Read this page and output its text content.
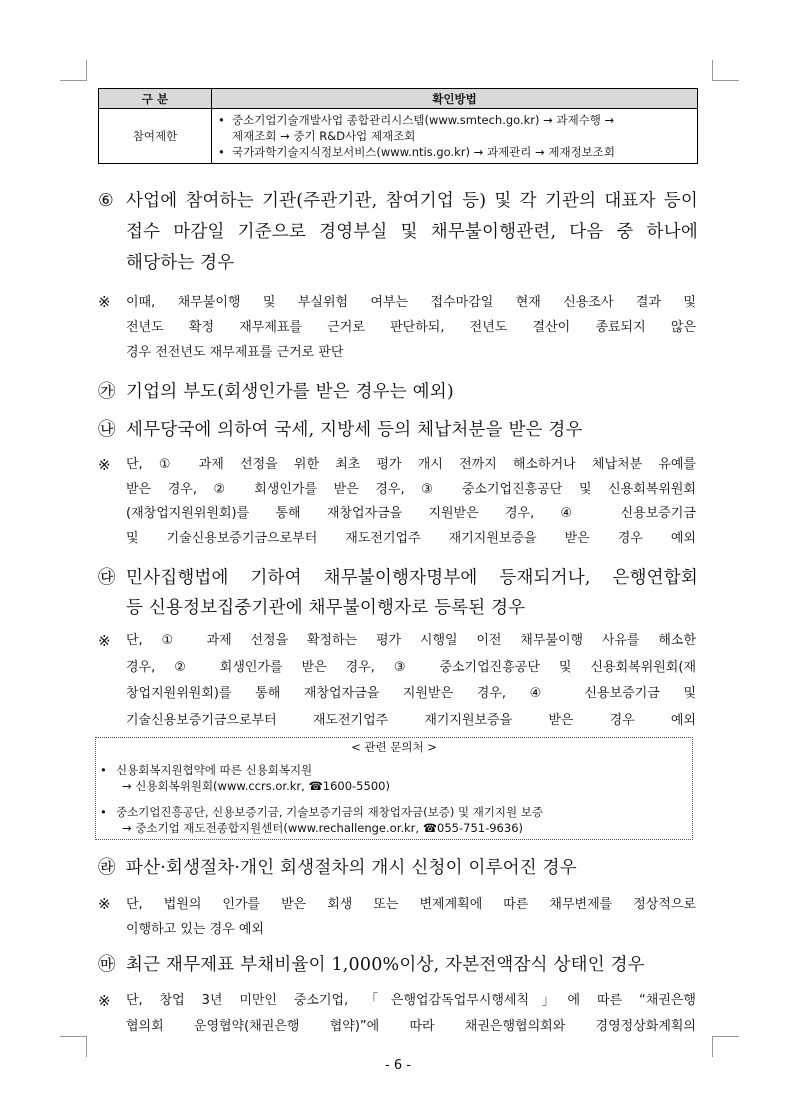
구 분	확인방법
참여제한	• 중소기업기술개발사업 종합관리시스템(www.smtech.go.kr) → 과제수행 →
제재조회 → 중기 R&D사업 제재조회
• 국가과학기술지식정보서비스(www.ntis.go.kr) → 과제관리 → 제재정보조회
⑥ 사업에 참여하는 기관(주관기관, 참여기업 등) 및 각 기관의 대표자 등이
접수 마감일 기준으로 경영부실 및 채무불이행관련, 다음 중 하나에
해당하는 경우
※	이때, 채무불이행 및 부실위험 여부는 접수마감일 현재 신용조사 결과 및
전년도 확정 재무제표를 근거로 판단하되, 전년도 결산이 종료되지 않은
경우 전전년도 재무제표를 근거로 판단
㉮ 기업의 부도(회생인가를 받은 경우는 예외)
㉯ 세무당국에 의하여 국세, 지방세 등의 체납처분을 받은 경우
※	단, ① 과제 선정을 위한 최초 평가 개시 전까지 해소하거나 체납처분 유예를
받은 경우, ② 회생인가를 받은 경우, ③ 중소기업진흥공단 및 신용회복위원회
(재창업지원위원회)를 통해 재창업자금을 지원받은 경우, ④ 신용보증기금
및 기술신용보증기금으로부터 재도전기업주 재기지원보증을 받은 경우 예외
㉰ 민사집행법에 기하여 채무불이행자명부에 등재되거나, 은행연합회
등 신용정보집중기관에 채무불이행자로 등록된 경우
※	단, ① 과제 선정을 확정하는 평가 시행일 이전 채무불이행 사유를 해소한
경우, ② 회생인가를 받은 경우, ③ 중소기업진흥공단 및 신용회복위원회(재
창업지원위원회)를 통해 재창업자금을 지원받은 경우, ④ 신용보증기금 및
기술신용보증기금으로부터 재도전기업주 재기지원보증을 받은 경우 예외
< 관련 문의처 >
• 신용회복지원협약에 따른 신용회복지원
→ 신용회복위원회(www.ccrs.or.kr, ☎1600-5500)
• 중소기업진흥공단, 신용보증기금, 기술보증기금의 재창업자금(보증) 및 재기지원 보증
→ 중소기업 재도전종합지원센터(www.rechallenge.or.kr, ☎055-751-9636)
㉱ 파산·회생절차·개인 회생절차의 개시 신청이 이루어진 경우
※	단, 법원의 인가를 받은 회생 또는 변제계획에 따른 채무변제를 정상적으로
이행하고 있는 경우 예외
㉲ 최근 재무제표 부채비율이 1,000%이상, 자본전액잠식 상태인 경우
※	단, 창업 3년 미만인 중소기업, 「은행업감독업무시행세칙」에 따른 “채권은행
협의회 운영협약(채권은행 협약)”에 따라 채권은행협의회와 경영정상화계획의
- 6 -
